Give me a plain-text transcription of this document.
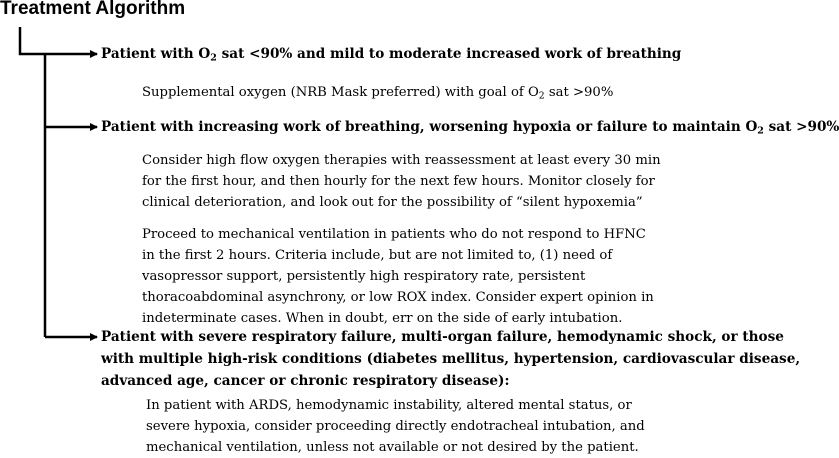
Treatment Algorithm
Patient with $O_2$ sat <90% and mild to moderate increased work of breathing
Supplemental oxygen (NRB Mask preferred) with goal of $O_2$ sat >90%
Patient with increasing work of breathing, worsening hypoxia or failure to maintain $O_2$ sat >90%
Consider high flow oxygen therapies with reassessment at least every 30 min
for the first hour, and then hourly for the next few hours. Monitor closely for
clinical deterioration, and look out for the possibility of “silent hypoxemia”
Proceed to mechanical ventilation in patients who do not respond to HFNC
in the first 2 hours. Criteria include, but are not limited to, (1) need of
vasopressor support, persistently high respiratory rate, persistent
thoracoabdominal asynchrony, or low ROX index. Consider expert opinion in
indeterminate cases. When in doubt, err on the side of early intubation.
Patient with severe respiratory failure, multi-organ failure, hemodynamic shock, or those
with multiple high-risk conditions (diabetes mellitus, hypertension, cardiovascular disease,
advanced age, cancer or chronic respiratory disease):
In patient with ARDS, hemodynamic instability, altered mental status, or
severe hypoxia, consider proceeding directly endotracheal intubation, and
mechanical ventilation, unless not available or not desired by the patient.
